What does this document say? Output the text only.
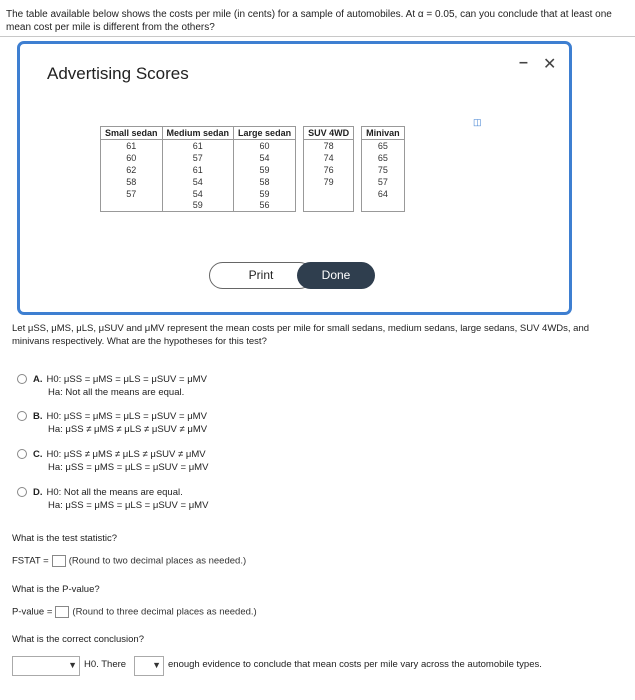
The table available below shows the costs per mile (in cents) for a sample of automobiles. At α = 0.05, can you conclude that at least one
mean cost per mile is different from the others?
Advertising Scores
– ✕
◫
Small sedan	Medium sedan	Large sedan		SUV 4WD		Minivan
61	61	60		78		65
60	57	54		74		65
62	61	59		76		75
58	54	58		79		57
57	54	59				64
	59	56				
Print	Done
Let μSS, μMS, μLS, μSUV and μMV represent the mean costs per mile for small sedans, medium sedans, large sedans, SUV 4WDs, and
minivans respectively. What are the hypotheses for this test?
A. H0: μSS = μMS = μLS = μSUV = μMV
Ha: Not all the means are equal.
B. H0: μSS = μMS = μLS = μSUV = μMV
Ha: μSS ≠ μMS ≠ μLS ≠ μSUV ≠ μMV
C. H0: μSS ≠ μMS ≠ μLS ≠ μSUV ≠ μMV
Ha: μSS = μMS = μLS = μSUV = μMV
D. H0: Not all the means are equal.
Ha: μSS = μMS = μLS = μSUV = μMV
What is the test statistic?
FSTAT = (Round to two decimal places as needed.)
What is the P-value?
P-value = (Round to three decimal places as needed.)
What is the correct conclusion?
▼ H0. There	▼ enough evidence to conclude that mean costs per mile vary across the automobile types.
